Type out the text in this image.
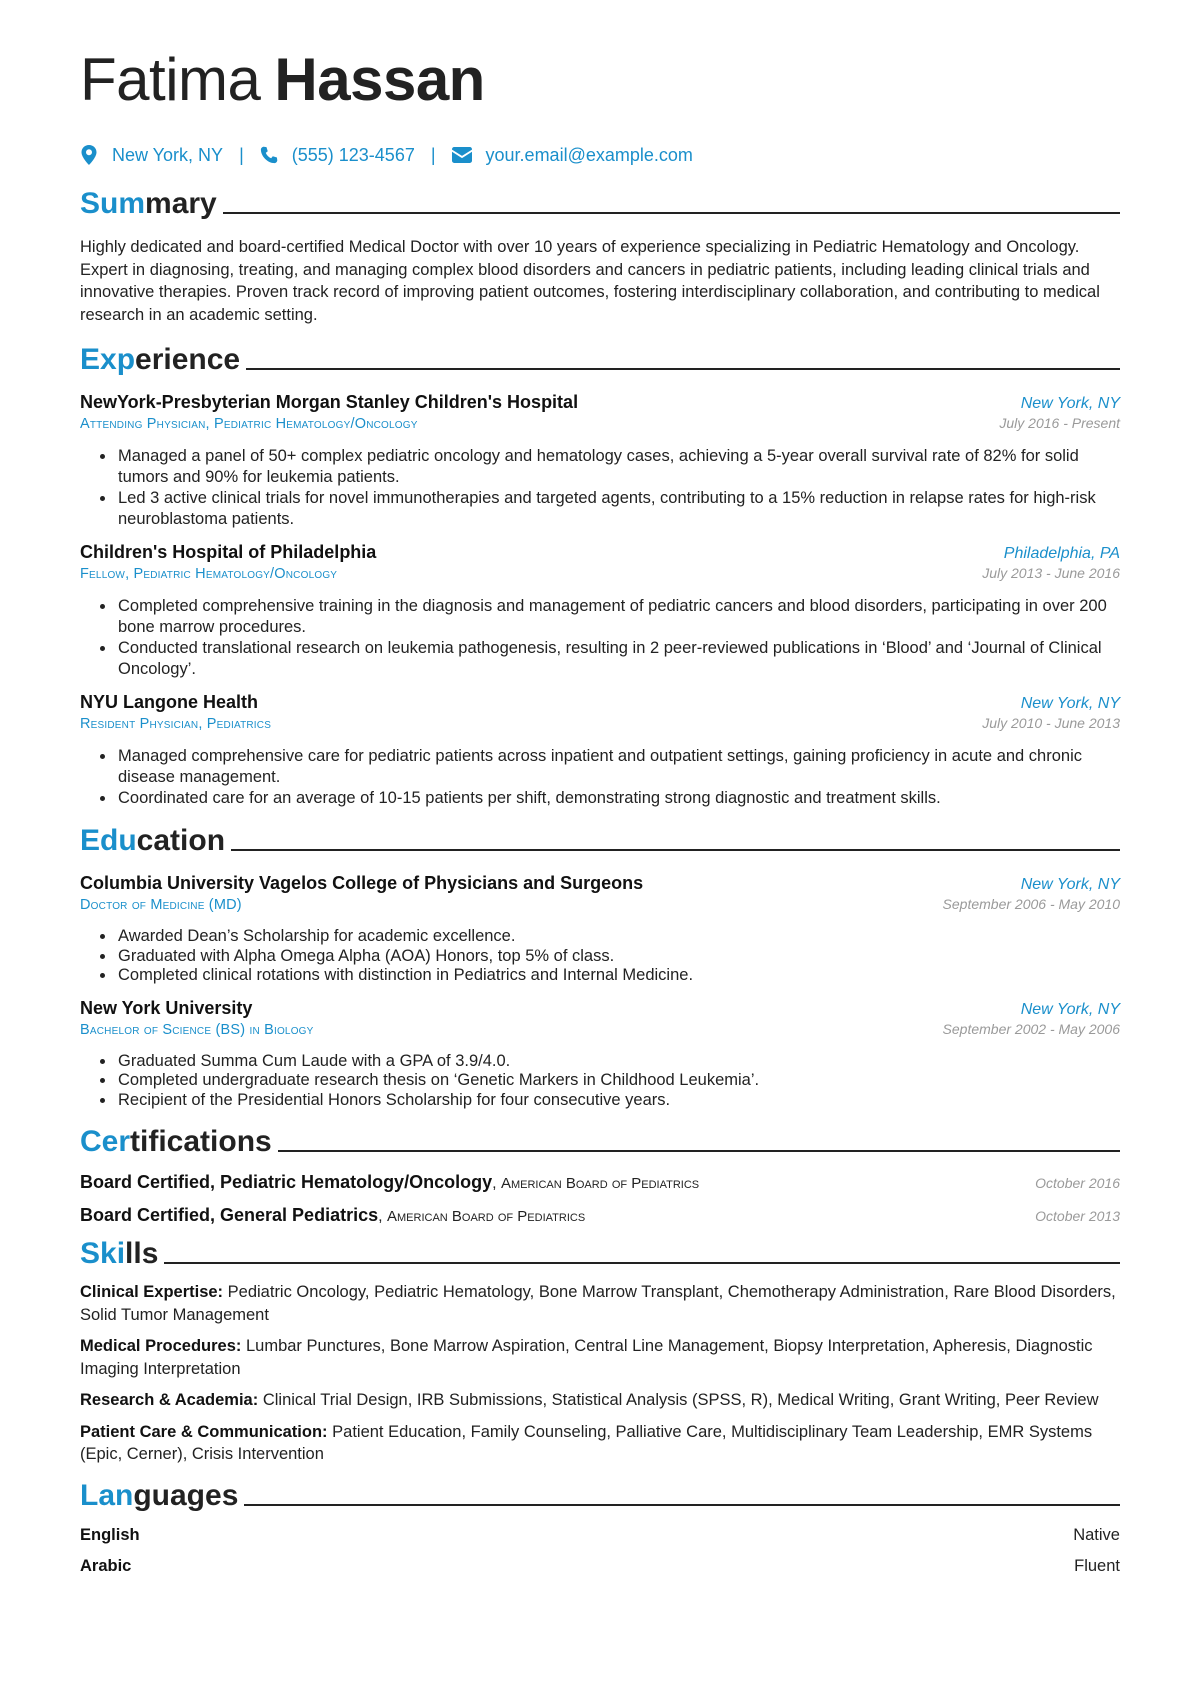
Fatima Hassan
New York, NY |	(555) 123-4567 |	your.email@example.com
Summary
Highly dedicated and board-certified Medical Doctor with over 10 years of experience specializing in Pediatric Hematology and Oncology. Expert in diagnosing, treating, and managing complex blood disorders and cancers in pediatric patients, including leading clinical trials and innovative therapies. Proven track record of improving patient outcomes, fostering interdisciplinary collaboration, and contributing to medical research in an academic setting.
Experience
NewYork-Presbyterian Morgan Stanley Children's Hospital	New York, NY
Attending Physician, Pediatric Hematology/Oncology	July 2016 - Present
• Managed a panel of 50+ complex pediatric oncology and hematology cases, achieving a 5-year overall survival rate of 82% for solid tumors and 90% for leukemia patients.
• Led 3 active clinical trials for novel immunotherapies and targeted agents, contributing to a 15% reduction in relapse rates for high-risk neuroblastoma patients.
Children's Hospital of Philadelphia	Philadelphia, PA
Fellow, Pediatric Hematology/Oncology	July 2013 - June 2016
• Completed comprehensive training in the diagnosis and management of pediatric cancers and blood disorders, participating in over 200 bone marrow procedures.
• Conducted translational research on leukemia pathogenesis, resulting in 2 peer-reviewed publications in ‘Blood’ and ‘Journal of Clinical Oncology’.
NYU Langone Health	New York, NY
Resident Physician, Pediatrics	July 2010 - June 2013
• Managed comprehensive care for pediatric patients across inpatient and outpatient settings, gaining proficiency in acute and chronic disease management.
• Coordinated care for an average of 10-15 patients per shift, demonstrating strong diagnostic and treatment skills.
Education
Columbia University Vagelos College of Physicians and Surgeons	New York, NY
Doctor of Medicine (MD)	September 2006 - May 2010
• Awarded Dean’s Scholarship for academic excellence.
• Graduated with Alpha Omega Alpha (AOA) Honors, top 5% of class.
• Completed clinical rotations with distinction in Pediatrics and Internal Medicine.
New York University	New York, NY
Bachelor of Science (BS) in Biology	September 2002 - May 2006
• Graduated Summa Cum Laude with a GPA of 3.9/4.0.
• Completed undergraduate research thesis on ‘Genetic Markers in Childhood Leukemia’.
• Recipient of the Presidential Honors Scholarship for four consecutive years.
Certifications
Board Certified, Pediatric Hematology/Oncology, American Board of Pediatrics	October 2016
Board Certified, General Pediatrics, American Board of Pediatrics	October 2013
Skills
Clinical Expertise: Pediatric Oncology, Pediatric Hematology, Bone Marrow Transplant, Chemotherapy Administration, Rare Blood Disorders, Solid Tumor Management
Medical Procedures: Lumbar Punctures, Bone Marrow Aspiration, Central Line Management, Biopsy Interpretation, Apheresis, Diagnostic Imaging Interpretation
Research & Academia: Clinical Trial Design, IRB Submissions, Statistical Analysis (SPSS, R), Medical Writing, Grant Writing, Peer Review
Patient Care & Communication: Patient Education, Family Counseling, Palliative Care, Multidisciplinary Team Leadership, EMR Systems (Epic, Cerner), Crisis Intervention
Languages
English	Native
Arabic	Fluent
